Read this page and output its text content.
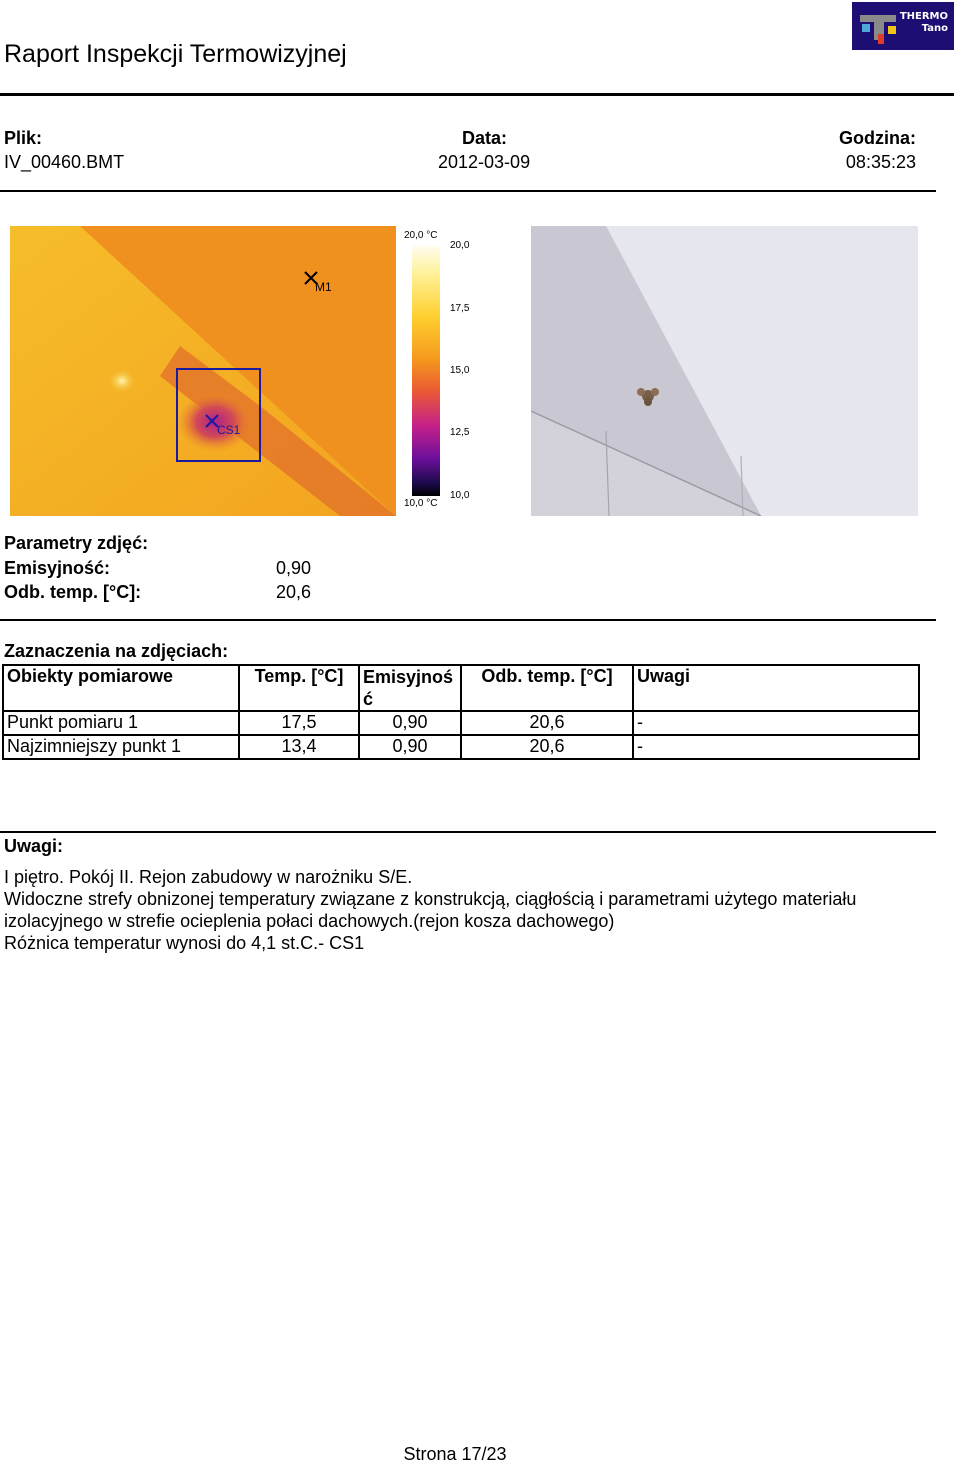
Raport Inspekcji Termowizyjnej
THERMO
Tano
Plik:
IV_00460.BMT
Data:
2012-03-09
Godzina:
08:35:23
M1
CS1
20,0 °C
10,0 °C
20,0
17,5
15,0
12,5
10,0
Parametry zdjęć:
Emisyjność:	0,90
Odb. temp. [°C]:	20,6
Zaznaczenia na zdjęciach:
Obiekty pomiarowe	Temp. [°C]	Emisyjnoś ć	Odb. temp. [°C]	Uwagi
Punkt pomiaru 1	17,5	0,90	20,6	-
Najzimniejszy punkt 1	13,4	0,90	20,6	-
Uwagi:
I piętro. Pokój II. Rejon zabudowy w narożniku S/E.
Widoczne strefy obnizonej temperatury związane z konstrukcją, ciągłością i parametrami użytego materiału izolacyjnego w strefie ocieplenia połaci dachowych.(rejon kosza dachowego)
Różnica temperatur wynosi do 4,1 st.C.- CS1
Strona 17/23
